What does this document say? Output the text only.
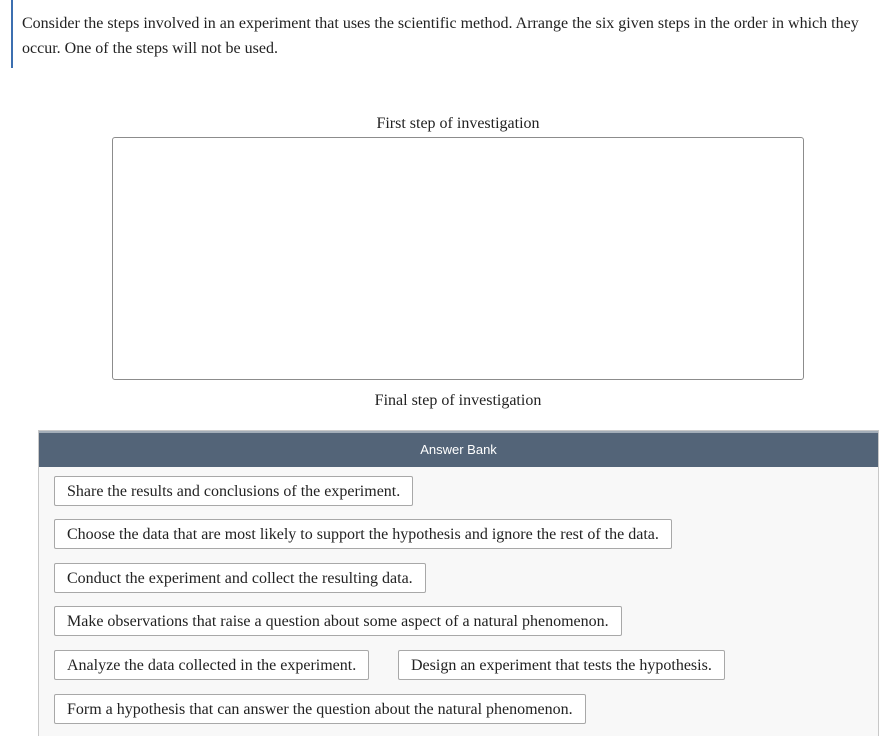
Consider the steps involved in an experiment that uses the scientific method. Arrange the six given steps in the order in which they occur. One of the steps will not be used.

First step of investigation
Final step of investigation
Answer Bank
Share the results and conclusions of the experiment.
Choose the data that are most likely to support the hypothesis and ignore the rest of the data.
Conduct the experiment and collect the resulting data.
Make observations that raise a question about some aspect of a natural phenomenon.
Analyze the data collected in the experiment.	Design an experiment that tests the hypothesis.
Form a hypothesis that can answer the question about the natural phenomenon.
